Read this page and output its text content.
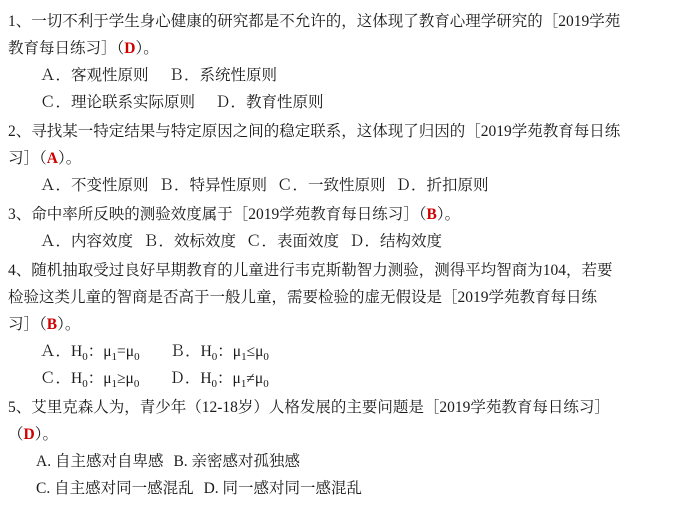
1、一切不利于学生身心健康的研究都是不允许的，这体现了教育心理学研究的［2019学苑
教育每日练习］（D）。
Ａ．客观性原则 Ｂ．系统性原则
Ｃ．理论联系实际原则 Ｄ．教育性原则
2、寻找某一特定结果与特定原因之间的稳定联系，这体现了归因的［2019学苑教育每日练
习］（A）。
Ａ．不变性原则 Ｂ．特异性原则 Ｃ．一致性原则 Ｄ．折扣原则
3、命中率所反映的测验效度属于［2019学苑教育每日练习］（B）。
Ａ．内容效度 Ｂ．效标效度 Ｃ．表面效度 Ｄ．结构效度
4、随机抽取受过良好早期教育的儿童进行韦克斯勒智力测验，测得平均智商为104，若要
检验这类儿童的智商是否高于一般儿童，需要检验的虚无假设是［2019学苑教育每日练
习］（B）。
Ａ．$H_0$：$\mu_1=\mu_0$ Ｂ．$H_0$：$\mu_1\le\mu_0$
Ｃ．$H_0$：$\mu_1\ge\mu_0$ Ｄ．$H_0$：$\mu_1\ne\mu_0$
5、艾里克森人为，青少年（12-18岁）人格发展的主要问题是［2019学苑教育每日练习］
（D）。
A. 自主感对自卑感 B. 亲密感对孤独感
C. 自主感对同一感混乱 D. 同一感对同一感混乱
